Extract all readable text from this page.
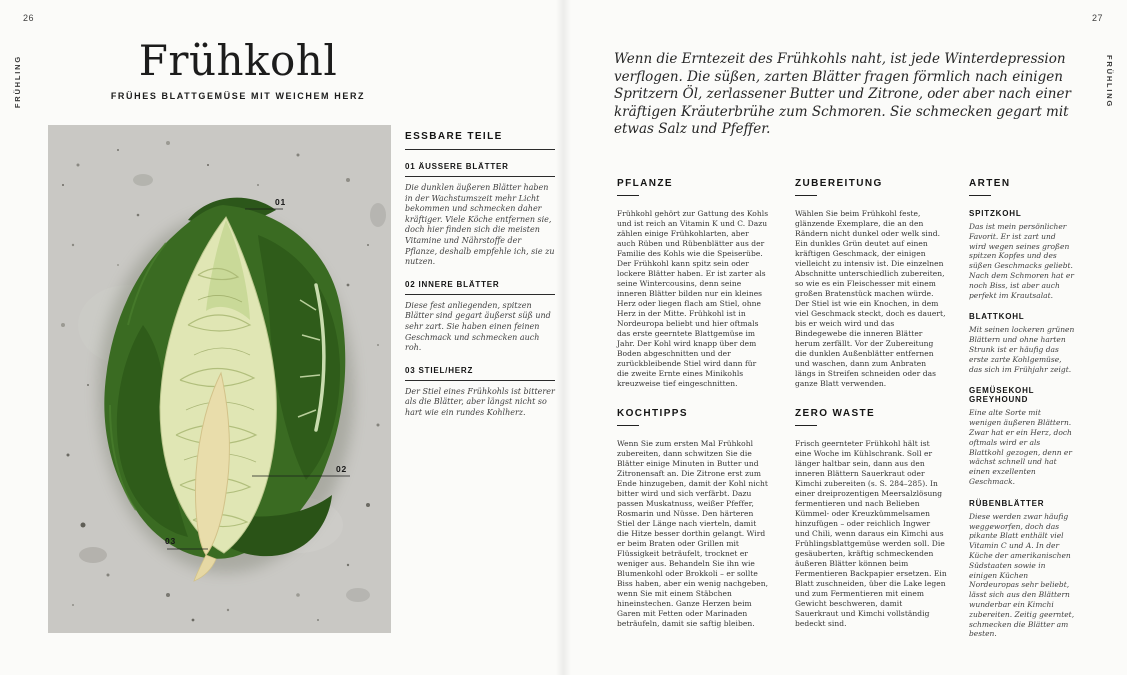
26
FRÜHLING	Frühkohl
FRÜHES BLATTGEMÜSE MIT WEICHEM HERZ
01
02
03
ESSBARE TEILE
01 ÄUSSERE BLÄTTER

Die dunklen äußeren Blätter haben in der Wachstumszeit mehr Licht bekommen und schmecken daher kräftiger. Viele Köche entfernen sie, doch hier finden sich die meisten Vitamine und Nährstoffe der Pflanze, deshalb empfehle ich, sie zu nutzen.

02 INNERE BLÄTTER

Diese fest anliegenden, spitzen Blätter sind gegart äußerst süß und sehr zart. Sie haben einen feinen Geschmack und schmecken auch roh.

03 STIEL/HERZ

Der Stiel eines Frühkohls ist bitterer als die Blätter, aber längst nicht so hart wie ein rundes Kohlherz.

27
FRÜHLING

Wenn die Erntezeit des Frühkohls naht, ist jede Winterdepression verflogen. Die süßen, zarten Blätter fragen förmlich nach einigen Spritzern Öl, zerlassener Butter und Zitrone, oder aber nach einer kräftigen Kräuterbrühe zum Schmoren. Sie schmecken gegart mit etwas Salz und Pfeffer.

PFLANZE

Frühkohl gehört zur Gattung des Kohls und ist reich an Vitamin K und C. Dazu zählen einige Frühkohlarten, aber auch Rüben und Rübenblätter aus der Familie des Kohls wie die Speiserübe. Der Frühkohl kann spitz sein oder lockere Blätter haben. Er ist zarter als seine Wintercousins, denn seine inneren Blätter bilden nur ein kleines Herz oder liegen flach am Stiel, ohne Herz in der Mitte. Frühkohl ist in Nordeuropa beliebt und hier oftmals das erste geerntete Blattgemüse im Jahr. Der Kohl wird knapp über dem Boden abgeschnitten und der zurückbleibende Stiel wird dann für die zweite Ernte eines Minikohls kreuzweise tief eingeschnitten.

KOCHTIPPS

Wenn Sie zum ersten Mal Frühkohl zubereiten, dann schwitzen Sie die Blätter einige Minuten in Butter und Zitronensaft an. Die Zitrone erst zum Ende hinzugeben, damit der Kohl nicht bitter wird und sich verfärbt. Dazu passen Muskatnuss, weißer Pfeffer, Rosmarin und Nüsse. Den härteren Stiel der Länge nach vierteln, damit die Hitze besser dorthin gelangt. Wird er beim Braten oder Grillen mit Flüssigkeit beträufelt, trocknet er weniger aus. Behandeln Sie ihn wie Blumenkohl oder Brokkoli – er sollte Biss haben, aber ein wenig nachgeben, wenn Sie mit einem Stäbchen hineinstechen. Ganze Herzen beim Garen mit Fetten oder Marinaden beträufeln, damit sie saftig bleiben.

ZUBEREITUNG

Wählen Sie beim Frühkohl feste, glänzende Exemplare, die an den Rändern nicht dunkel oder welk sind. Ein dunkles Grün deutet auf einen kräftigen Geschmack, der einigen vielleicht zu intensiv ist. Die einzelnen Abschnitte unterschiedlich zubereiten, so wie es ein Fleischesser mit einem großen Bratenstück machen würde. Der Stiel ist wie ein Knochen, in dem viel Geschmack steckt, doch es dauert, bis er weich wird und das Bindegewebe die inneren Blätter herum zerfällt. Vor der Zubereitung die dunklen Außenblätter entfernen und waschen, dann zum Anbraten längs in Streifen schneiden oder das ganze Blatt verwenden.

ZERO WASTE

Frisch geernteter Frühkohl hält ist eine Woche im Kühlschrank. Soll er länger haltbar sein, dann aus den inneren Blättern Sauerkraut oder Kimchi zubereiten (s. S. 284–285). In einer dreiprozentigen Meersalzlösung fermentieren und nach Belieben Kümmel- oder Kreuzkümmelsamen hinzufügen – oder reichlich Ingwer und Chili, wenn daraus ein Kimchi aus Frühlingsblattgemüse werden soll. Die gesäuberten, kräftig schmeckenden äußeren Blätter können beim Fermentieren Backpapier ersetzen. Ein Blatt zuschneiden, über die Lake legen und zum Fermentieren mit einem Gewicht beschweren, damit Sauerkraut und Kimchi vollständig bedeckt sind.

ARTEN
SPITZKOHL

Das ist mein persönlicher Favorit. Er ist zart und wird wegen seines großen spitzen Kopfes und des süßen Geschmacks geliebt. Nach dem Schmoren hat er noch Biss, ist aber auch perfekt im Krautsalat.

BLATTKOHL

Mit seinen lockeren grünen Blättern und ohne harten Strunk ist er häufig das erste zarte Kohlgemüse, das sich im Frühjahr zeigt.

GEMÜSEKOHL GREYHOUND

Eine alte Sorte mit wenigen äußeren Blättern. Zwar hat er ein Herz, doch oftmals wird er als Blattkohl gezogen, denn er wächst schnell und hat einen exzellenten Geschmack.

RÜBENBLÄTTER

Diese werden zwar häufig weggeworfen, doch das pikante Blatt enthält viel Vitamin C und A. In der Küche der amerikanischen Südstaaten sowie in einigen Küchen Nordeuropas sehr beliebt, lässt sich aus den Blättern wunderbar ein Kimchi zubereiten. Zeitig geerntet, schmecken die Blätter am besten.
